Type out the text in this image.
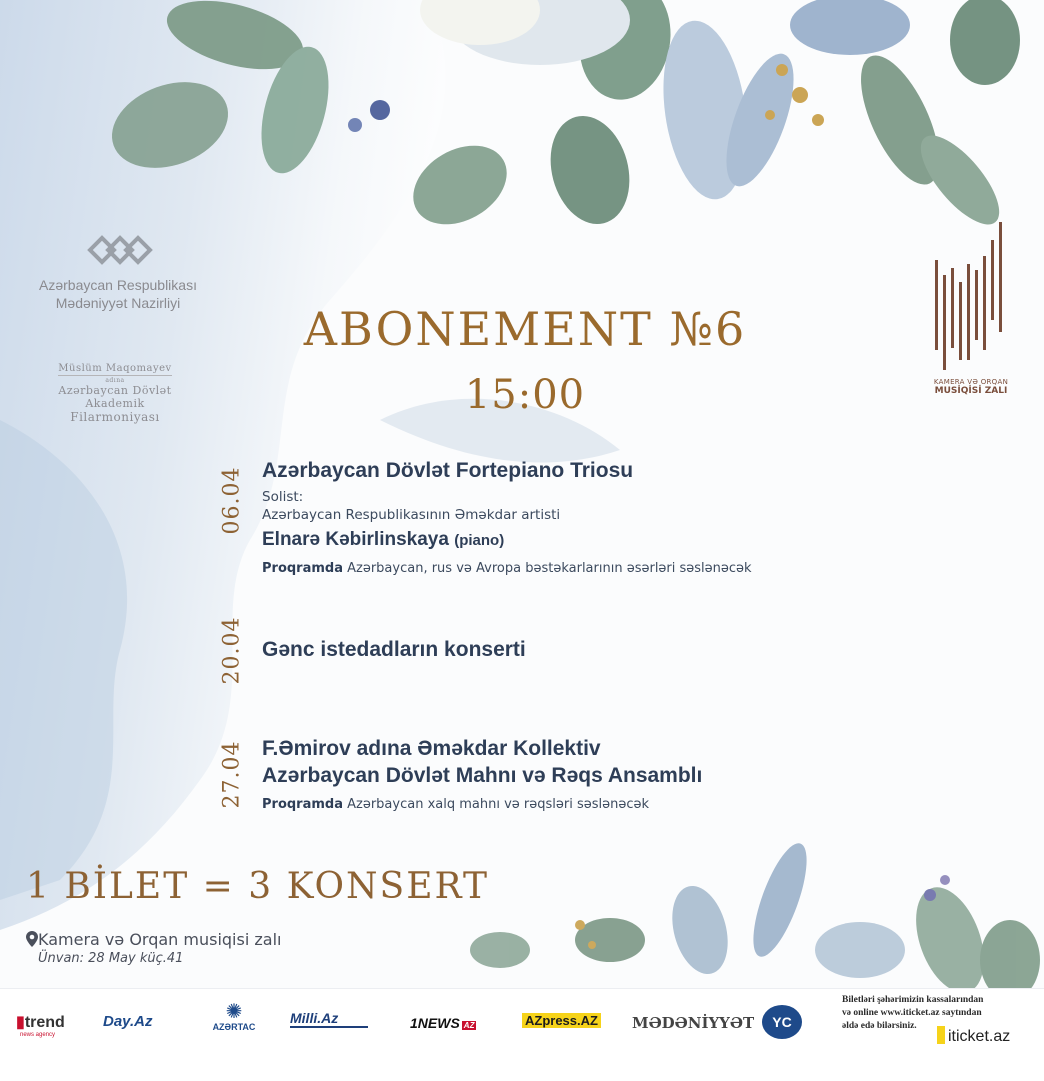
Azərbaycan Respublikası
Mədəniyyət Nazirliyi
Müslüm Maqomayev
adına
Azərbaycan Dövlət
Akademik
Filarmoniyası
KAMERA VƏ ORQAN
MUSİQİSİ ZALI
ABONEMENT №6
15:00
06.04 Azərbaycan Dövlət Fortepiano Triosu
Solist:
Azərbaycan Respublikasının Əməkdar artisti
Elnarə Kəbirlinskaya (piano)
Proqramda Azərbaycan, rus və Avropa bəstəkarlarının əsərləri səslənəcək
20.04 Gənc istedadların konserti
27.04 F.Əmirov adına Əməkdar Kollektiv
Azərbaycan Dövlət Mahnı və Rəqs Ansamblı
Proqramda Azərbaycan xalq mahnı və rəqsləri səslənəcək
1 BİLET = 3 KONSERT
Kamera və Orqan musiqisi zalı
Ünvan: 28 May küç.41
▮trend
news agency
Day.Az	✺
AZƏRTAC
Milli.Az	1NEWS AZ	AZpress.AZ MƏDƏNİYYƏT	YC
Biletləri şəhərimizin kassalarından
və online www.iticket.az saytından
əldə edə bilərsiniz.
iticket.az
